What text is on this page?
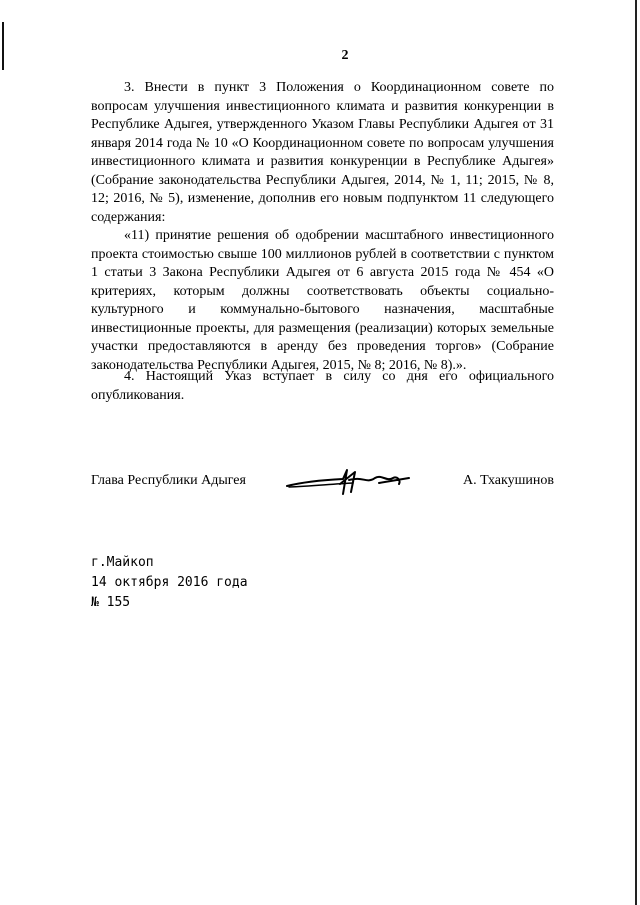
2

3. Внести в пункт 3 Положения о Координационном совете по вопросам улучшения инвестиционного климата и развития конкуренции в Республике Адыгея, утвержденного Указом Главы Республики Адыгея от 31 января 2014 года № 10 «О Координационном совете по вопросам улучшения инвестиционного климата и развития конкуренции в Республике Адыгея» (Собрание законодательства Республики Адыгея, 2014, № 1, 11; 2015, № 8, 12; 2016, № 5), изменение, дополнив его новым подпунктом 11 следующего содержания:

«11) принятие решения об одобрении масштабного инвестиционного проекта стоимостью свыше 100 миллионов рублей в соответствии с пунктом 1 статьи 3 Закона Республики Адыгея от 6 августа 2015 года № 454 «О критериях, которым должны соответствовать объекты социально-культурного и коммунально-бытового назначения, масштабные инвестиционные проекты, для размещения (реализации) которых земельные участки предоставляются в аренду без проведения торгов» (Собрание законодательства Республики Адыгея, 2015, № 8; 2016, № 8).».

4. Настоящий Указ вступает в силу со дня его официального опубликования.

Глава Республики Адыгея	А. Тхакушинов
г.Майкоп
14 октября 2016 года
№ 155
